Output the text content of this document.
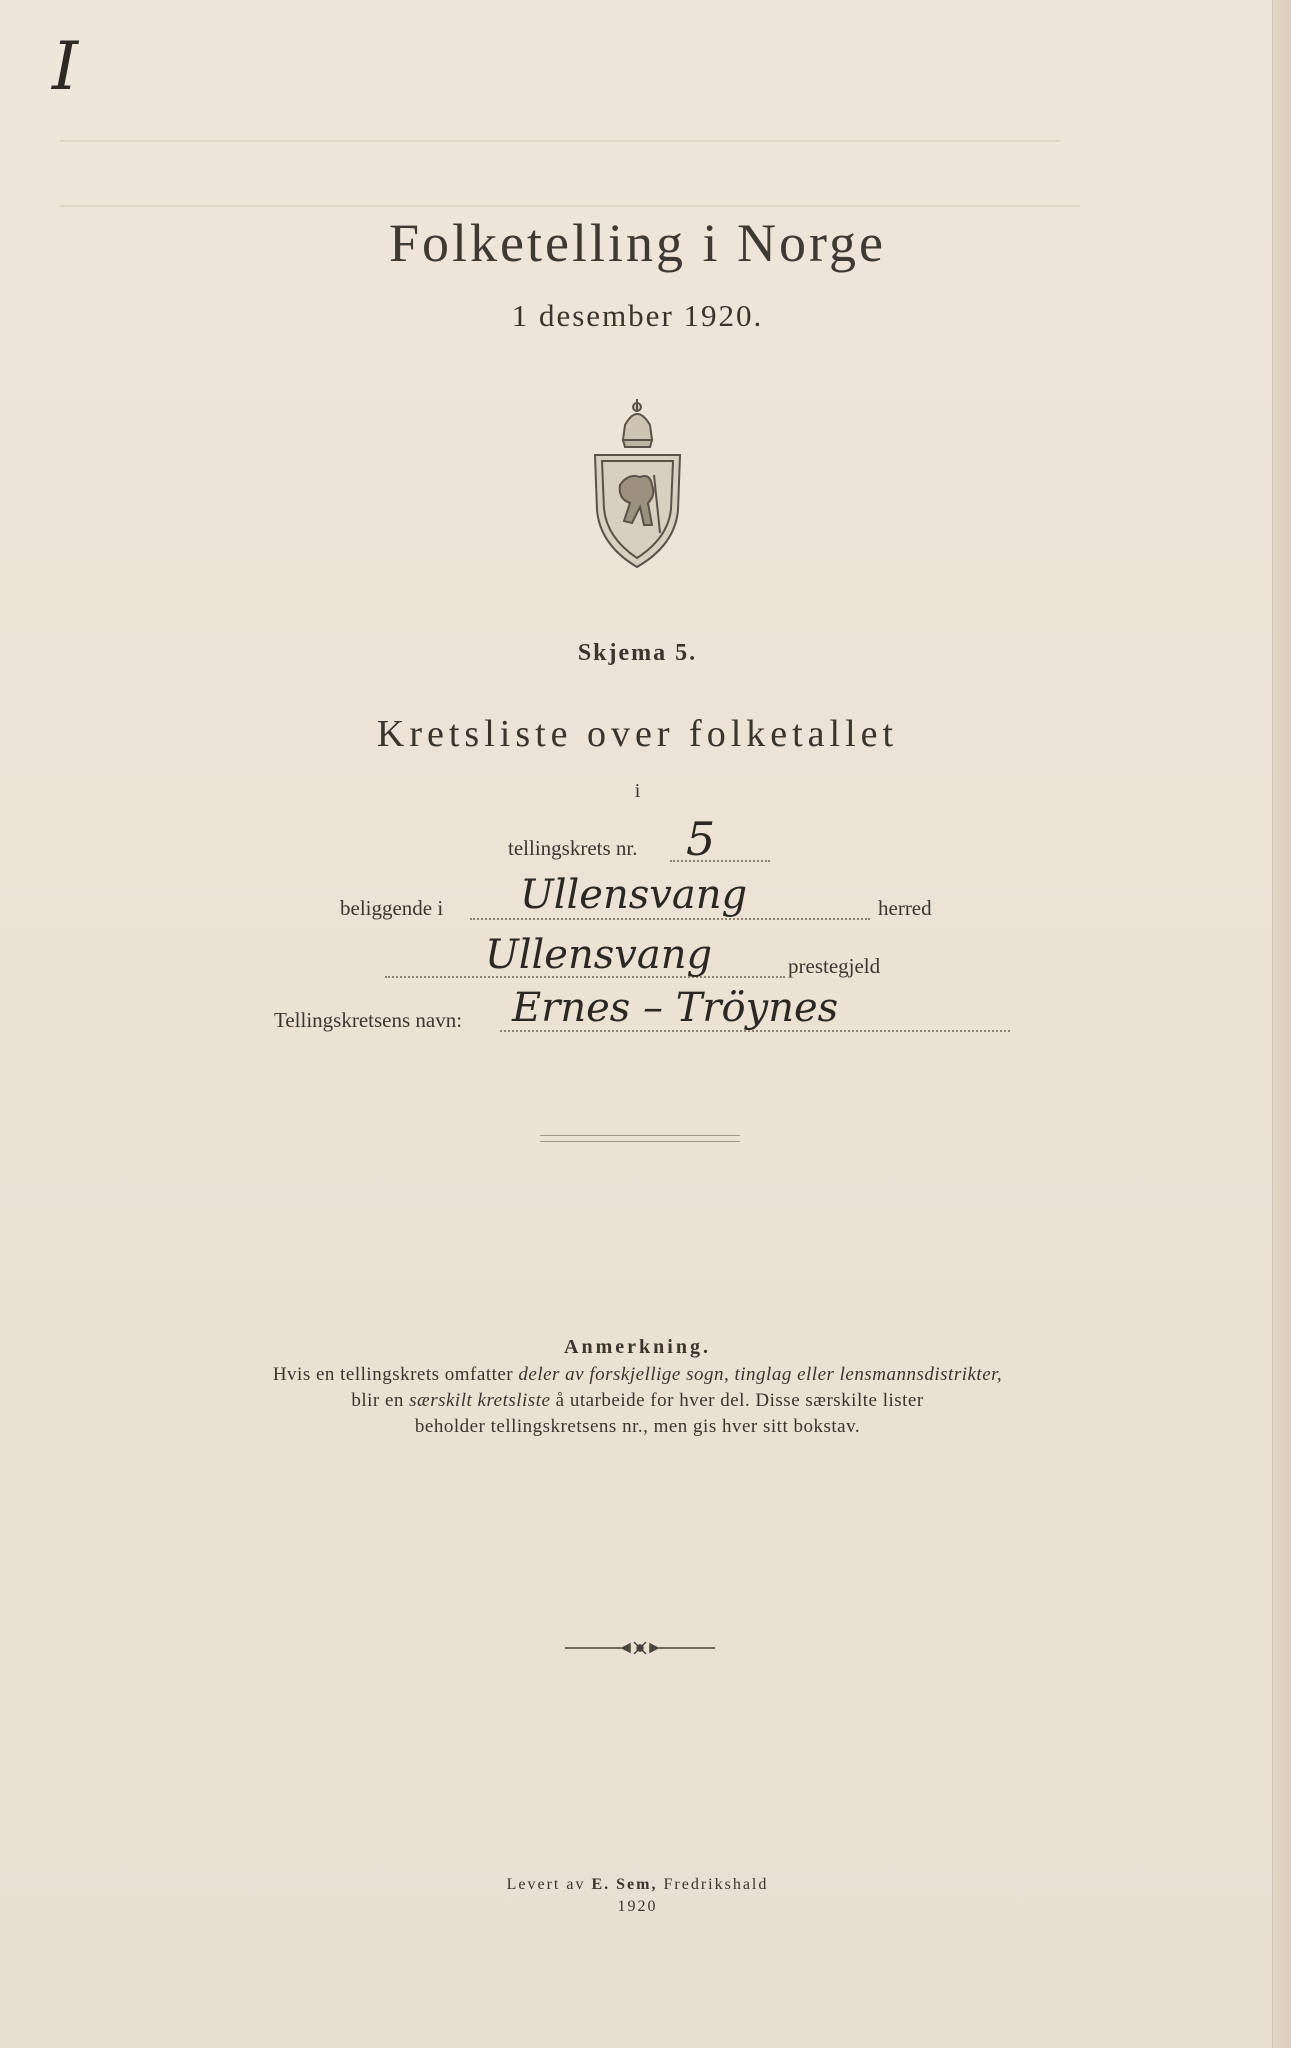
I
Folketelling i Norge
1 desember 1920.
Skjema 5.
Kretsliste over folketallet
i
tellingskrets nr. 5
beliggende i Ullensvang	herred
Ullensvang	prestegjeld
Tellingskretsens navn: Ernes – Tröynes
Anmerkning.
Hvis en tellingskrets omfatter deler av forskjellige sogn, tinglag eller lensmannsdistrikter,
blir en særskilt kretsliste å utarbeide for hver del. Disse særskilte lister
beholder tellingskretsens nr., men gis hver sitt bokstav.
Levert av E. Sem, Fredrikshald
1920
